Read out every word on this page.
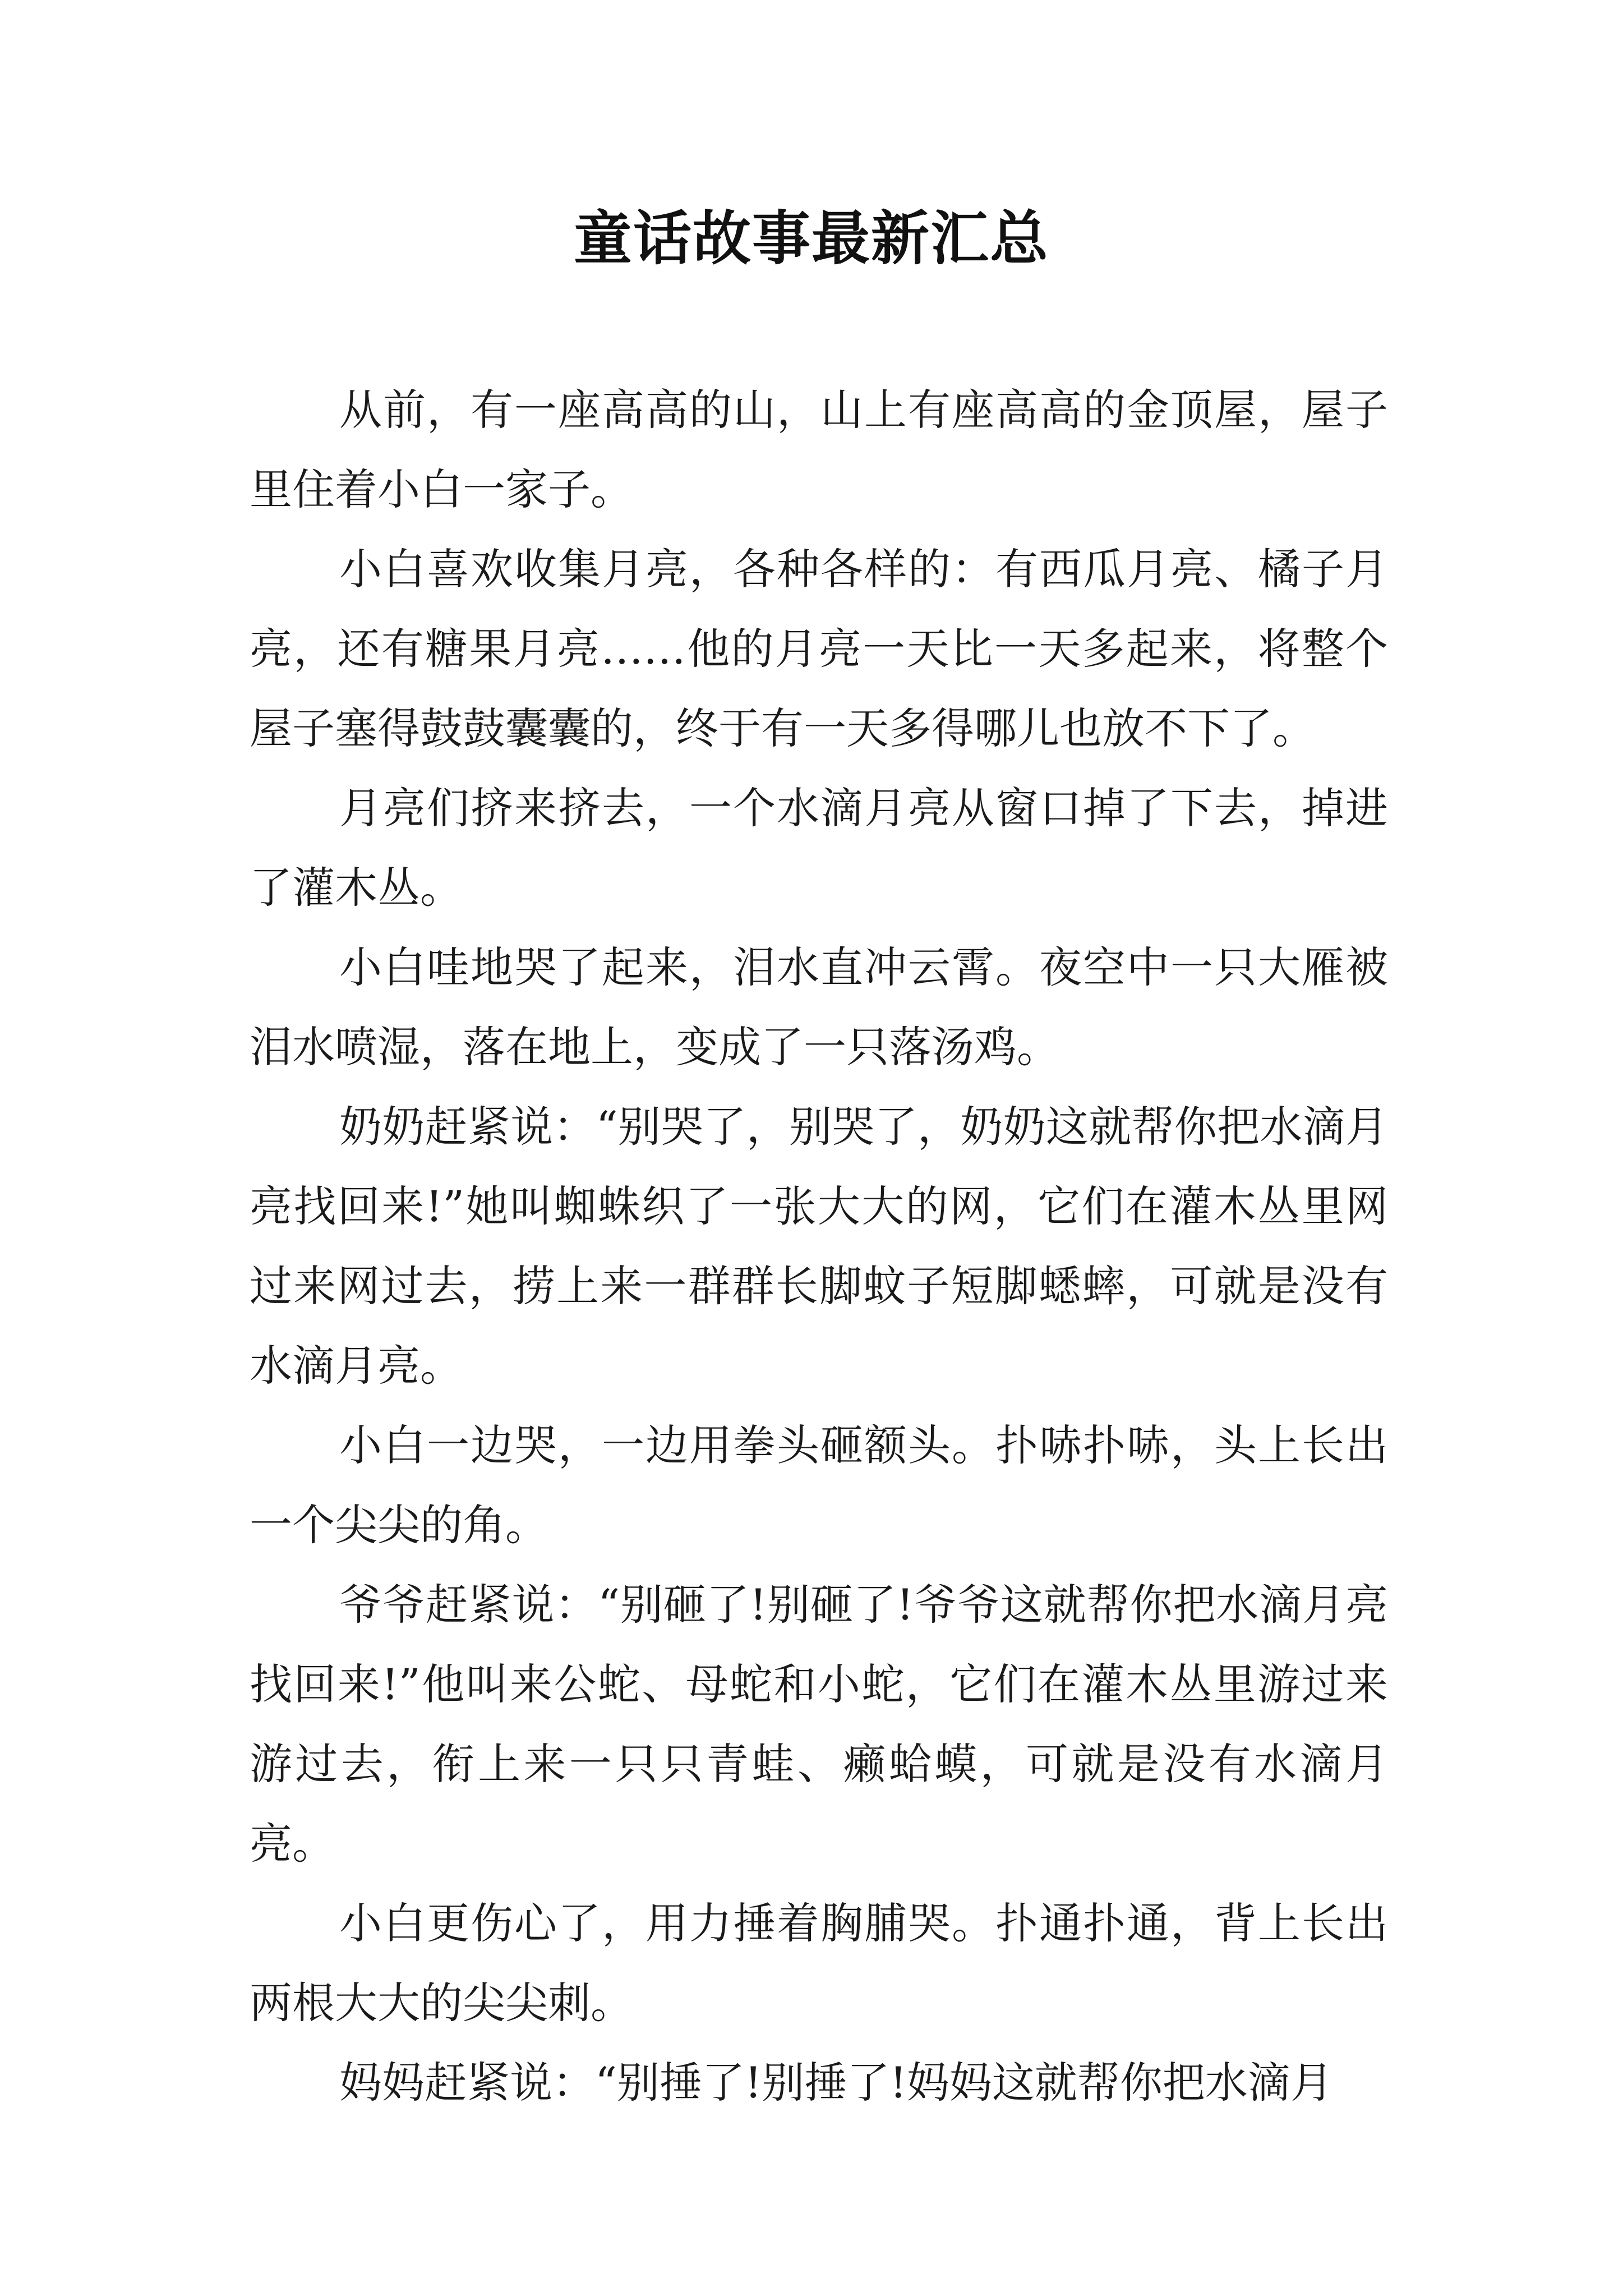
童话故事最新汇总

从前，有一座高高的山，山上有座高高的金顶屋，屋子里住着小白一家子。

小白喜欢收集月亮，各种各样的：有西瓜月亮、橘子月亮，还有糖果月亮……他的月亮一天比一天多起来，将整个屋子塞得鼓鼓囊囊的，终于有一天多得哪儿也放不下了。

月亮们挤来挤去，一个水滴月亮从窗口掉了下去，掉进了灌木丛。

小白哇地哭了起来，泪水直冲云霄。夜空中一只大雁被泪水喷湿，落在地上，变成了一只落汤鸡。

奶奶赶紧说：“别哭了，别哭了，奶奶这就帮你把水滴月亮找回来!”她叫蜘蛛织了一张大大的网，它们在灌木丛里网过来网过去，捞上来一群群长脚蚊子短脚蟋蟀，可就是没有水滴月亮。

小白一边哭，一边用拳头砸额头。扑哧扑哧，头上长出一个尖尖的角。

爷爷赶紧说：“别砸了!别砸了!爷爷这就帮你把水滴月亮找回来!”他叫来公蛇、母蛇和小蛇，它们在灌木丛里游过来游过去，衔上来一只只青蛙、癞蛤蟆，可就是没有水滴月亮。

小白更伤心了，用力捶着胸脯哭。扑通扑通，背上长出两根大大的尖尖刺。

妈妈赶紧说：“别捶了!别捶了!妈妈这就帮你把水滴月
